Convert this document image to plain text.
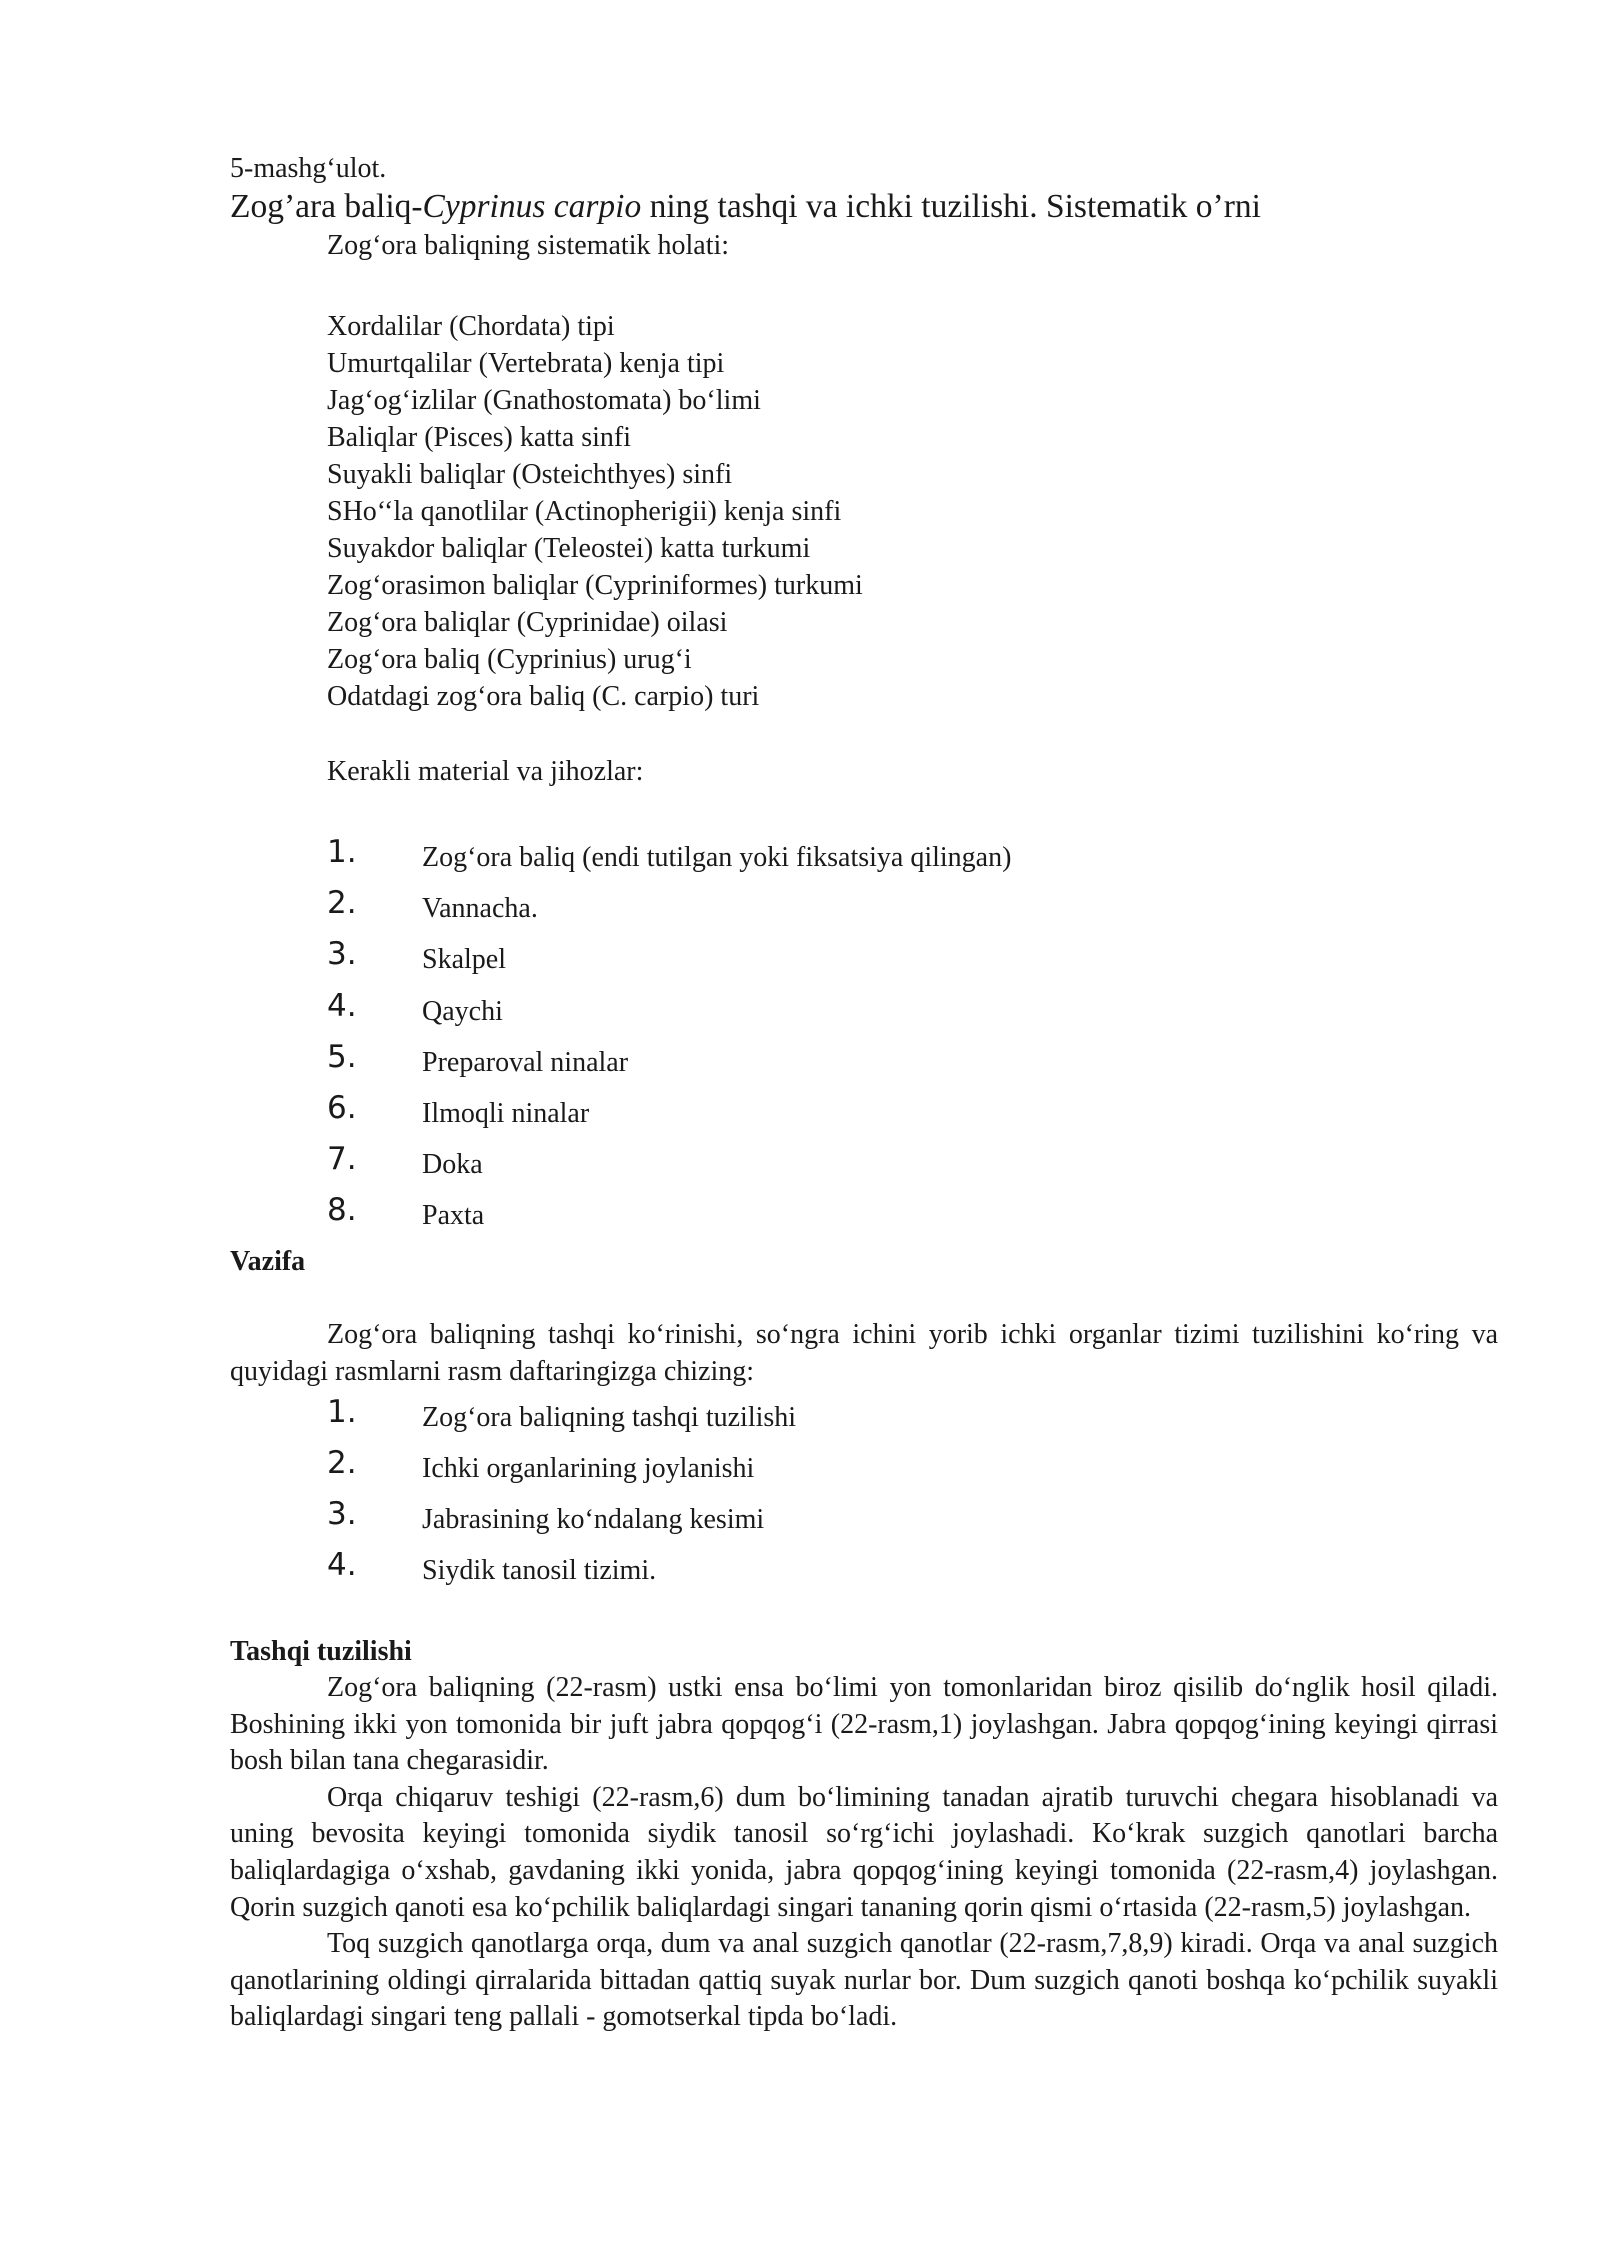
5-mashg‘ulot.

Zog’ara baliq-Cyprinus carpio ning tashqi va ichki tuzilishi. Sistematik o’rni

Zog‘ora baliqning sistematik holati:

Xordalilar (Chordata) tipi

Umurtqalilar (Vertebrata) kenja tipi

Jag‘og‘izlilar (Gnathostomata) bo‘limi

Baliqlar (Pisces) katta sinfi

Suyakli baliqlar (Osteichthyes) sinfi

SHo‘‘la qanotlilar (Actinopherigii) kenja sinfi

Suyakdor baliqlar (Teleostei) katta turkumi

Zog‘orasimon baliqlar (Cypriniformes) turkumi

Zog‘ora baliqlar (Cyprinidae) oilasi

Zog‘ora baliq (Cyprinius) urug‘i

Odatdagi zog‘ora baliq (C. carpio) turi

Kerakli material va jihozlar:

1. Zog‘ora baliq (endi tutilgan yoki fiksatsiya qilingan)
2. Vannacha.
3. Skalpel
4. Qaychi
5. Preparoval ninalar
6. Ilmoqli ninalar
7. Doka
8. Paxta

Vazifa

Zog‘ora baliqning tashqi ko‘rinishi, so‘ngra ichini yorib ichki organlar tizimi tuzilishini ko‘ring va quyidagi rasmlarni rasm daftaringizga chizing:

1. Zog‘ora baliqning tashqi tuzilishi
2. Ichki organlarining joylanishi
3. Jabrasining ko‘ndalang kesimi
4. Siydik tanosil tizimi.

Tashqi tuzilishi

Zog‘ora baliqning (22-rasm) ustki ensa bo‘limi yon tomonlaridan biroz qisilib do‘nglik hosil qiladi. Boshining ikki yon tomonida bir juft jabra qopqog‘i (22-rasm,1) joylashgan. Jabra qopqog‘ining keyingi qirrasi bosh bilan tana chegarasidir.

Orqa chiqaruv teshigi (22-rasm,6) dum bo‘limining tanadan ajratib turuvchi chegara hisoblanadi va uning bevosita keyingi tomonida siydik tanosil so‘rg‘ichi joylashadi. Ko‘krak suzgich qanotlari barcha baliqlardagiga o‘xshab, gavdaning ikki yonida, jabra qopqog‘ining keyingi tomonida (22-rasm,4) joylashgan. Qorin suzgich qanoti esa ko‘pchilik baliqlardagi singari tananing qorin qismi o‘rtasida (22-rasm,5) joylashgan.

Toq suzgich qanotlarga orqa, dum va anal suzgich qanotlar (22-rasm,7,8,9) kiradi. Orqa va anal suzgich qanotlarining oldingi qirralarida bittadan qattiq suyak nurlar bor. Dum suzgich qanoti boshqa ko‘pchilik suyakli baliqlardagi singari teng pallali - gomotserkal tipda bo‘ladi.
